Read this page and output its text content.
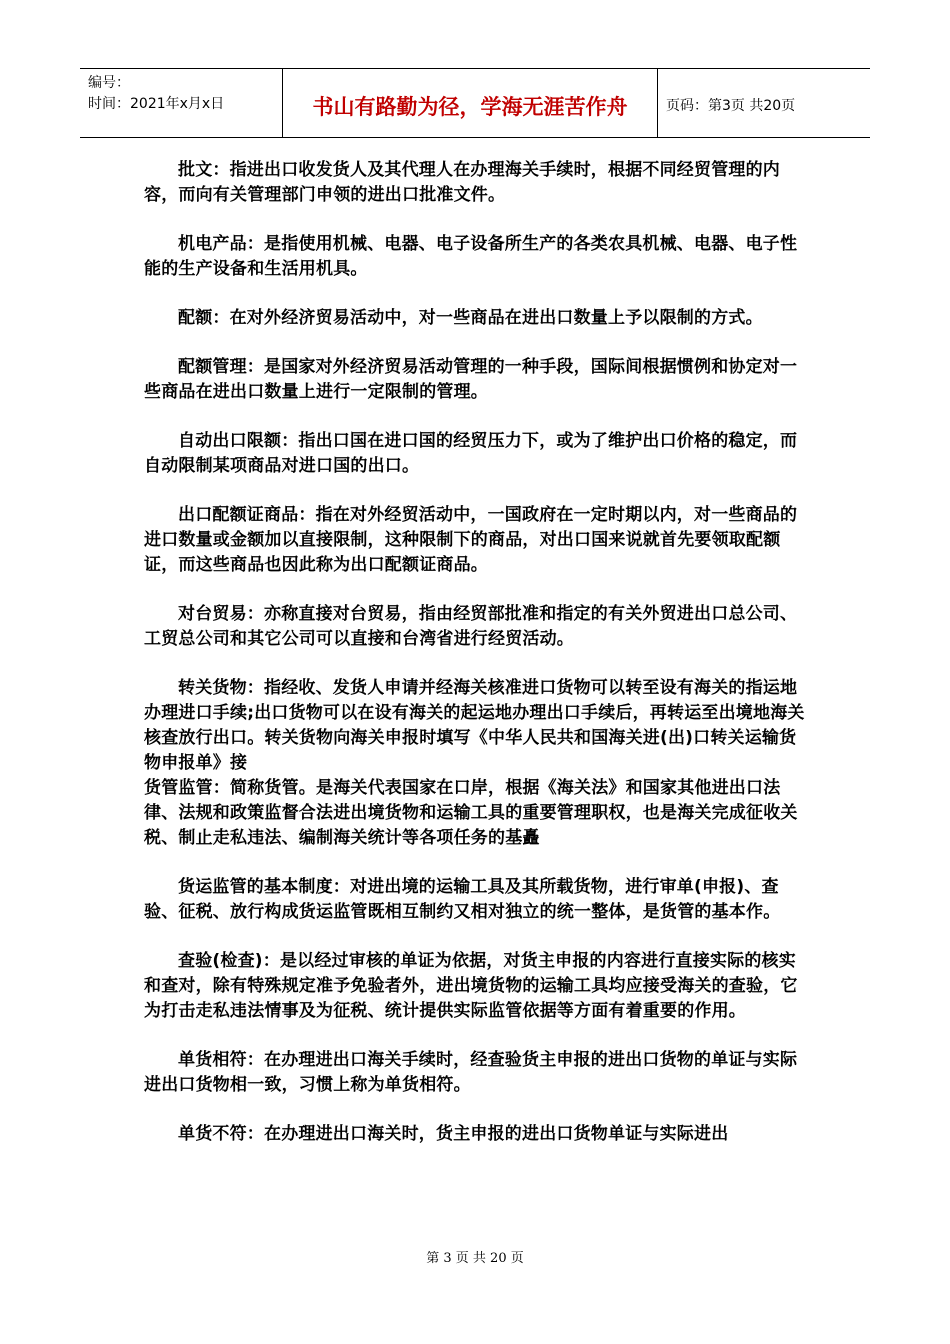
编号：
时间：2021年x月x日	书山有路勤为径，学海无涯苦作舟	页码：第3页 共20页

批文：指进出口收发货人及其代理人在办理海关手续时，根据不同经贸管理的内容，而向有关管理部门申领的进出口批准文件。

机电产品：是指使用机械、电器、电子设备所生产的各类农具机械、电器、电子性能的生产设备和生活用机具。

配额：在对外经济贸易活动中，对一些商品在进出口数量上予以限制的方式。

配额管理：是国家对外经济贸易活动管理的一种手段，国际间根据惯例和协定对一些商品在进出口数量上进行一定限制的管理。

自动出口限额：指出口国在进口国的经贸压力下，或为了维护出口价格的稳定，而自动限制某项商品对进口国的出口。

出口配额证商品：指在对外经贸活动中，一国政府在一定时期以内，对一些商品的进口数量或金额加以直接限制，这种限制下的商品，对出口国来说就首先要领取配额证，而这些商品也因此称为出口配额证商品。

对台贸易：亦称直接对台贸易，指由经贸部批准和指定的有关外贸进出口总公司、工贸总公司和其它公司可以直接和台湾省进行经贸活动。

转关货物：指经收、发货人申请并经海关核准进口货物可以转至设有海关的指运地办理进口手续;出口货物可以在设有海关的起运地办理出口手续后，再转运至出境地海关核查放行出口。转关货物向海关申报时填写《中华人民共和国海关进(出)口转关运输货物申报单》接

货管监管：简称货管。是海关代表国家在口岸，根据《海关法》和国家其他进出口法律、法规和政策监督合法进出境货物和运输工具的重要管理职权，也是海关完成征收关税、制止走私违法、编制海关统计等各项任务的基矗

货运监管的基本制度：对进出境的运输工具及其所载货物，进行审单(申报)、查验、征税、放行构成货运监管既相互制约又相对独立的统一整体，是货管的基本作。

查验(检查)：是以经过审核的单证为依据，对货主申报的内容进行直接实际的核实和查对，除有特殊规定准予免验者外，进出境货物的运输工具均应接受海关的查验，它为打击走私违法情事及为征税、统计提供实际监管依据等方面有着重要的作用。

单货相符：在办理进出口海关手续时，经查验货主申报的进出口货物的单证与实际进出口货物相一致，习惯上称为单货相符。

单货不符：在办理进出口海关时，货主申报的进出口货物单证与实际进出

第 3 页 共 20 页
